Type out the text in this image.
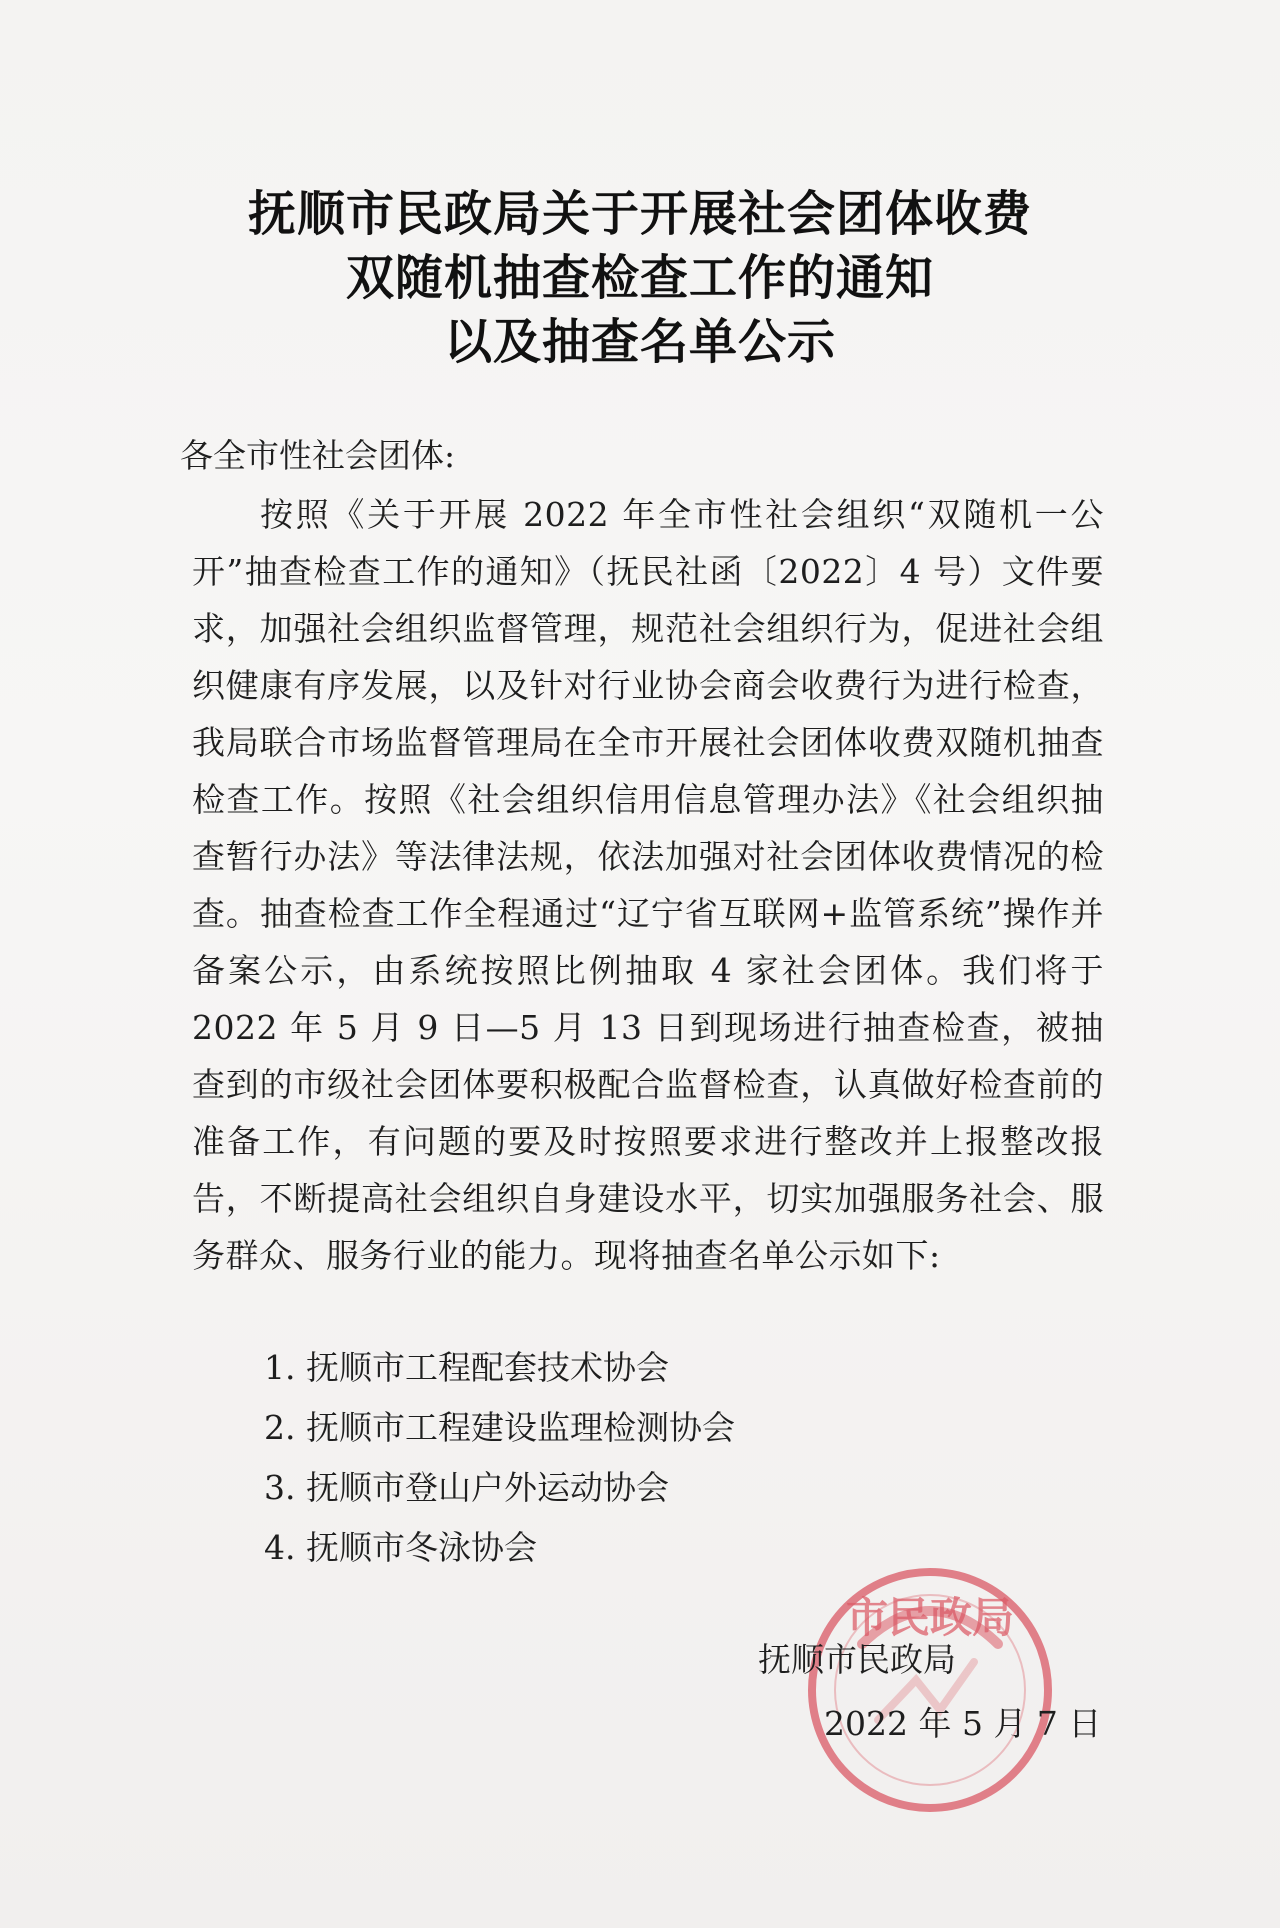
抚顺市民政局关于开展社会团体收费
双随机抽查检查工作的通知
以及抽查名单公示
各全市性社会团体:

按照《关于开展 2022 年全市性社会组织“双随机一公开”抽查检查工作的通知》（抚民社函〔2022〕4 号）文件要求，加强社会组织监督管理，规范社会组织行为，促进社会组织健康有序发展，以及针对行业协会商会收费行为进行检查，我局联合市场监督管理局在全市开展社会团体收费双随机抽查检查工作。按照《社会组织信用信息管理办法》《社会组织抽查暂行办法》等法律法规，依法加强对社会团体收费情况的检查。抽查检查工作全程通过“辽宁省互联网+监管系统”操作并备案公示，由系统按照比例抽取 4 家社会团体。我们将于 2022 年 5 月 9 日—5 月 13 日到现场进行抽查检查，被抽查到的市级社会团体要积极配合监督检查，认真做好检查前的准备工作，有问题的要及时按照要求进行整改并上报整改报告，不断提高社会组织自身建设水平，切实加强服务社会、服务群众、服务行业的能力。现将抽查名单公示如下:

1. 抚顺市工程配套技术协会
2. 抚顺市工程建设监理检测协会
3. 抚顺市登山户外运动协会
4. 抚顺市冬泳协会
市民政局
抚顺市民政局
2022 年 5 月 7 日
